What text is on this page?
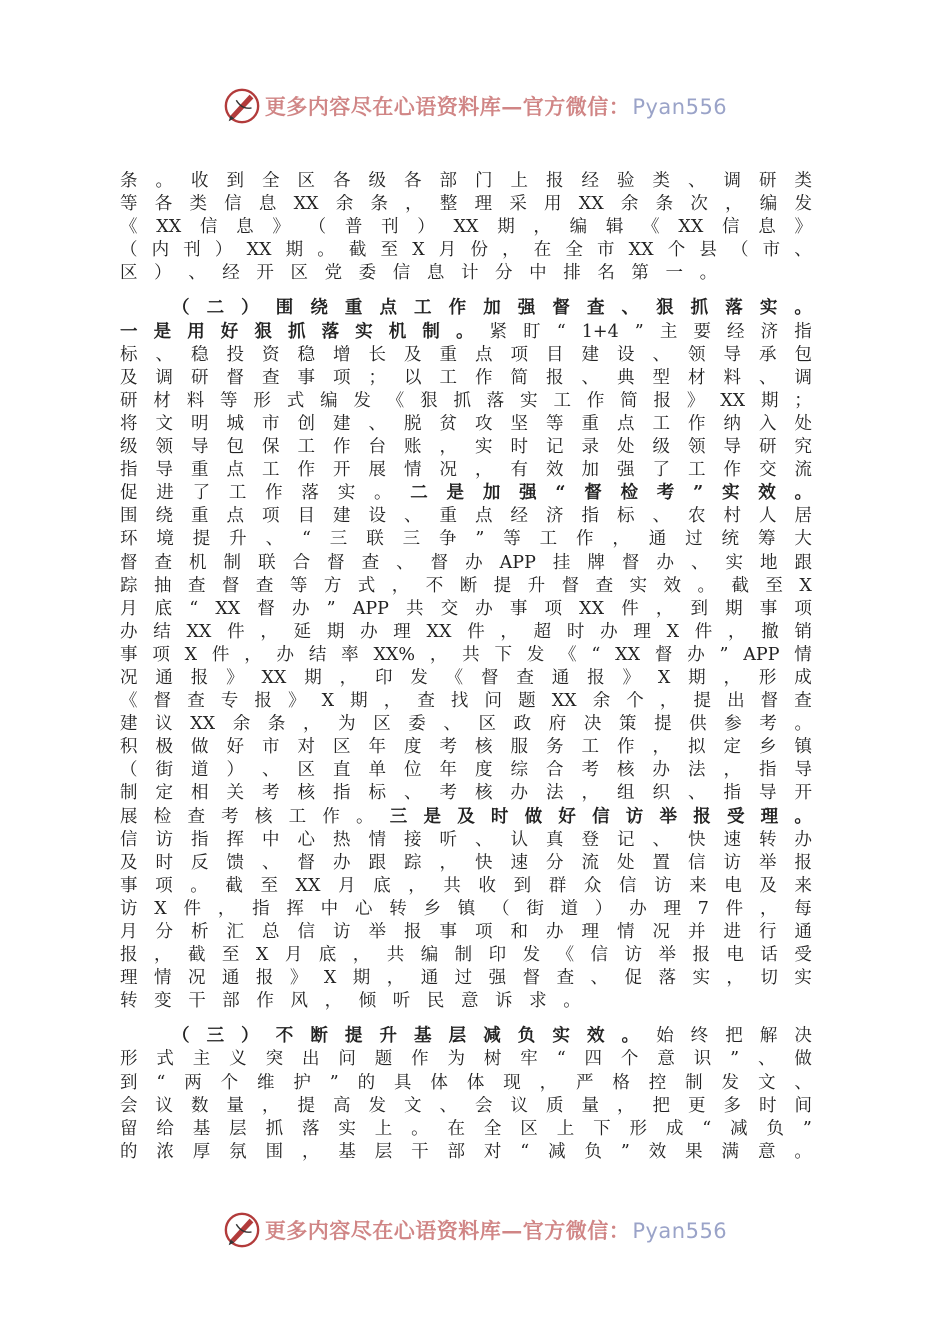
更多内容尽在心语资料库—官方微信：Pyan556
条 。 收 到 全 区 各 级 各 部 门 上 报 经 验 类 、 调 研 类
等 各 类 信 息 XX 余 条 ， 整 理 采 用 XX 余 条 次 ， 编 发
《 XX 信 息 》 （ 普 刊 ） XX 期 ， 编 辑 《 XX 信 息 》
（ 内 刊 ） XX 期 。 截 至 X 月 份 ， 在 全 市 XX 个 县 （ 市 、
区 ） 、 经 开 区 党 委 信 息 计 分 中 排 名 第 一 。
（ 二 ） 围 绕 重 点 工 作 加 强 督 查 、 狠 抓 落 实 。
一 是 用 好 狠 抓 落 实 机 制 。 紧 盯 “ 1+4 ” 主 要 经 济 指
标 、 稳 投 资 稳 增 长 及 重 点 项 目 建 设 、 领 导 承 包
及 调 研 督 查 事 项 ； 以 工 作 简 报 、 典 型 材 料 、 调
研 材 料 等 形 式 编 发 《 狠 抓 落 实 工 作 简 报 》 XX 期 ；
将 文 明 城 市 创 建 、 脱 贫 攻 坚 等 重 点 工 作 纳 入 处
级 领 导 包 保 工 作 台 账 ， 实 时 记 录 处 级 领 导 研 究
指 导 重 点 工 作 开 展 情 况 ， 有 效 加 强 了 工 作 交 流
促 进 了 工 作 落 实 。 二 是 加 强 “ 督 检 考 ” 实 效 。
围 绕 重 点 项 目 建 设 、 重 点 经 济 指 标 、 农 村 人 居
环 境 提 升 、 “ 三 联 三 争 ” 等 工 作 ， 通 过 统 筹 大
督 查 机 制 联 合 督 查 、 督 办 APP 挂 牌 督 办 、 实 地 跟
踪 抽 查 督 查 等 方 式 ， 不 断 提 升 督 查 实 效 。 截 至 X
月 底 “ XX 督 办 ” APP 共 交 办 事 项 XX 件 ， 到 期 事 项
办 结 XX 件 ， 延 期 办 理 XX 件 ， 超 时 办 理 X 件 ， 撤 销
事 项 X 件 ， 办 结 率 XX% ， 共 下 发 《 “ XX 督 办 ” APP 情
况 通 报 》 XX 期 ， 印 发 《 督 查 通 报 》 X 期 ， 形 成
《 督 查 专 报 》 X 期 ， 查 找 问 题 XX 余 个 ， 提 出 督 查
建 议 XX 余 条 ， 为 区 委 、 区 政 府 决 策 提 供 参 考 。
积 极 做 好 市 对 区 年 度 考 核 服 务 工 作 ， 拟 定 乡 镇
（ 街 道 ） 、 区 直 单 位 年 度 综 合 考 核 办 法 ， 指 导
制 定 相 关 考 核 指 标 、 考 核 办 法 ， 组 织 、 指 导 开
展 检 查 考 核 工 作 。 三 是 及 时 做 好 信 访 举 报 受 理 。
信 访 指 挥 中 心 热 情 接 听 、 认 真 登 记 、 快 速 转 办
及 时 反 馈 、 督 办 跟 踪 ， 快 速 分 流 处 置 信 访 举 报
事 项 。 截 至 XX 月 底 ， 共 收 到 群 众 信 访 来 电 及 来
访 X 件 ， 指 挥 中 心 转 乡 镇 （ 街 道 ） 办 理 7 件 ， 每
月 分 析 汇 总 信 访 举 报 事 项 和 办 理 情 况 并 进 行 通
报 ， 截 至 X 月 底 ， 共 编 制 印 发 《 信 访 举 报 电 话 受
理 情 况 通 报 》 X 期 ， 通 过 强 督 查 、 促 落 实 ， 切 实
转 变 干 部 作 风 ， 倾 听 民 意 诉 求 。
（ 三 ） 不 断 提 升 基 层 减 负 实 效 。 始 终 把 解 决
形 式 主 义 突 出 问 题 作 为 树 牢 “ 四 个 意 识 ” 、 做
到 “ 两 个 维 护 ” 的 具 体 体 现 ， 严 格 控 制 发 文 、
会 议 数 量 ， 提 高 发 文 、 会 议 质 量 ， 把 更 多 时 间
留 给 基 层 抓 落 实 上 。 在 全 区 上 下 形 成 “ 减 负 ”
的 浓 厚 氛 围 ， 基 层 干 部 对 “ 减 负 ” 效 果 满 意 。
更多内容尽在心语资料库—官方微信：Pyan556
